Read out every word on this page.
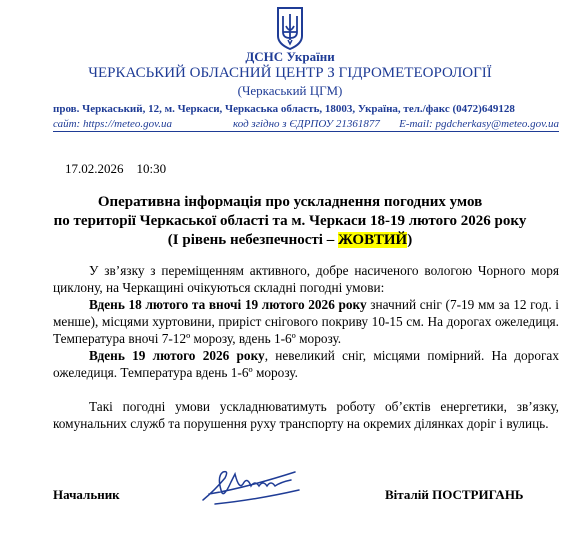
ДСНС України
ЧЕРКАСЬКИЙ ОБЛАСНИЙ ЦЕНТР З ГІДРОМЕТЕОРОЛОГІЇ
(Черкаський ЦГМ)
пров. Черкаський, 12, м. Черкаси, Черкаська область, 18003, Україна, тел./факс (0472)649128
сайт: https://meteo.gov.ua	код згідно з ЄДРПОУ 21361877 E-mail: pgdcherkasy@meteo.gov.ua
17.02.2026    10:30
Оперативна інформація про ускладнення погодних умов
по території Черкаської області та м. Черкаси 18-19 лютого 2026 року
(І рівень небезпечності – ЖОВТИЙ)

У зв’язку з переміщенням активного, добре насиченого вологою Чорного моря циклону, на Черкащині очікуються складні погодні умови:

Вдень 18 лютого та вночі 19 лютого 2026 року значний сніг (7-19 мм за 12 год. і менше), місцями хуртовини, приріст снігового покриву 10-15 см. На дорогах ожеледиця. Температура вночі 7-12º морозу, вдень 1-6º морозу.

Вдень 19 лютого 2026 року, невеликий сніг, місцями помірний. На дорогах ожеледиця. Температура вдень 1-6º морозу.

Такі погодні умови ускладнюватимуть роботу об’єктів енергетики, зв’язку, комунальних служб та порушення руху транспорту на окремих ділянках доріг і вулиць.

Начальник	Віталій ПОСТРИГАНЬ
